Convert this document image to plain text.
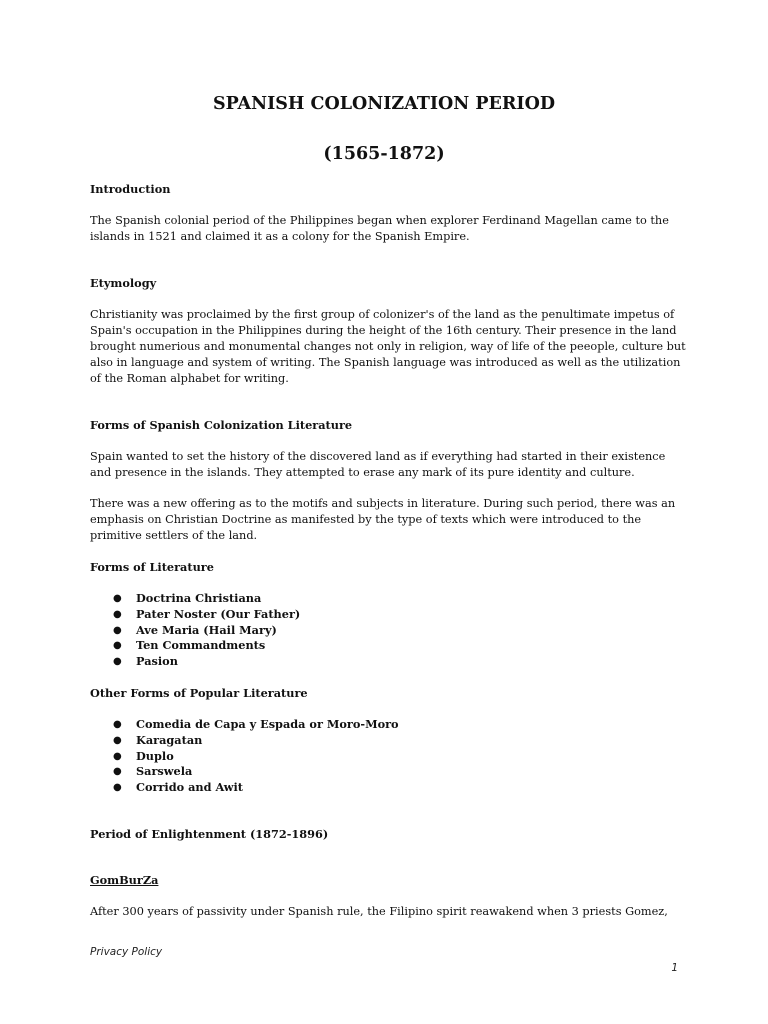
SPANISH COLONIZATION PERIOD
(1565-1872)

Introduction

The Spanish colonial period of the Philippines began when explorer Ferdinand Magellan came to the islands in 1521 and claimed it as a colony for the Spanish Empire.

Etymology

Christianity was proclaimed by the first group of colonizer's of the land as the penultimate impetus of Spain's occupation in the Philippines during the height of the 16th century. Their presence in the land brought numerious and monumental changes not only in religion, way of life of the peeople, culture but also in language and system of writing. The Spanish language was introduced as well as the utilization of the Roman alphabet for writing.

Forms of Spanish Colonization Literature

Spain wanted to set the history of the discovered land as if everything had started in their existence and presence in the islands. They attempted to erase any mark of its pure identity and culture.

There was a new offering as to the motifs and subjects in literature. During such period, there was an emphasis on Christian Doctrine as manifested by the type of texts which were introduced to the primitive settlers of the land.

Forms of Literature

● Doctrina Christiana
● Pater Noster (Our Father)
● Ave Maria (Hail Mary)
● Ten Commandments
● Pasion

Other Forms of Popular Literature

● Comedia de Capa y Espada or Moro-Moro
● Karagatan
● Duplo
● Sarswela
● Corrido and Awit

Period of Enlightenment (1872-1896)

GomBurZa

After 300 years of passivity under Spanish rule, the Filipino spirit reawakend when 3 priests Gomez,

Privacy Policy
1
